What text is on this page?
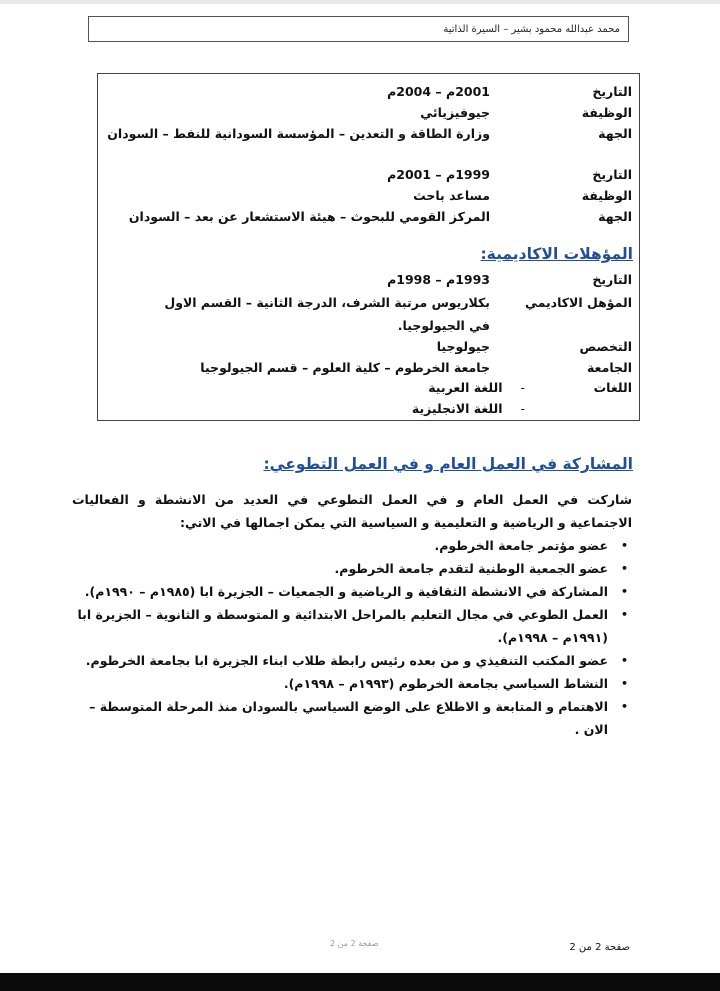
محمد عبدالله محمود بشير – السيرة الذاتية
التاريخ
2001م – 2004م
الوظيفة
جيوفيزيائي
الجهة
وزارة الطاقة و التعدين – المؤسسة السودانية للنفط – السودان
التاريخ
1999م – 2001م
الوظيفة
مساعد باحث
الجهة
المركز القومي للبحوث – هيئة الاستشعار عن بعد – السودان
المؤهلات الاكاديمية:
التاريخ
1993م – 1998م
المؤهل الاكاديمي
بكلاريوس مرتبة الشرف، الدرجة الثانية – القسم الاول في الجيولوجيا.
التخصص
جيولوجيا
الجامعة
جامعة الخرطوم – كلية العلوم – قسم الجيولوجيا
اللغات
-اللغة العربية
-اللغة الانجليزية
المشاركة في العمل العام و في العمل التطوعي:
شاركت في العمل العام و في العمل التطوعي في العديد من الانشطة و الفعاليات الاجتماعية و الرياضية و التعليمية و السياسية التي يمكن اجمالها في الاتي:
•
عضو مؤتمر جامعة الخرطوم.
•
عضو الجمعية الوطنية لتقدم جامعة الخرطوم.
•
المشاركة في الانشطة الثقافية و الرياضية و الجمعيات – الجزيرة ابا (١٩٨٥م – ١٩٩٠م).
•
العمل الطوعي في مجال التعليم بالمراحل الابتدائية و المتوسطة و الثانوية – الجزيرة ابا (١٩٩١م – ١٩٩٨م).
•
عضو المكتب التنفيذي و من بعده رئيس رابطة طلاب ابناء الجزيرة ابا بجامعة الخرطوم.
•
النشاط السياسي بجامعة الخرطوم (١٩٩٣م – ١٩٩٨م).
•
الاهتمام و المتابعة و الاطلاع على الوضع السياسي بالسودان منذ المرحلة المتوسطة – الان .
صفحة 2 من 2	صفحة 2 من 2
